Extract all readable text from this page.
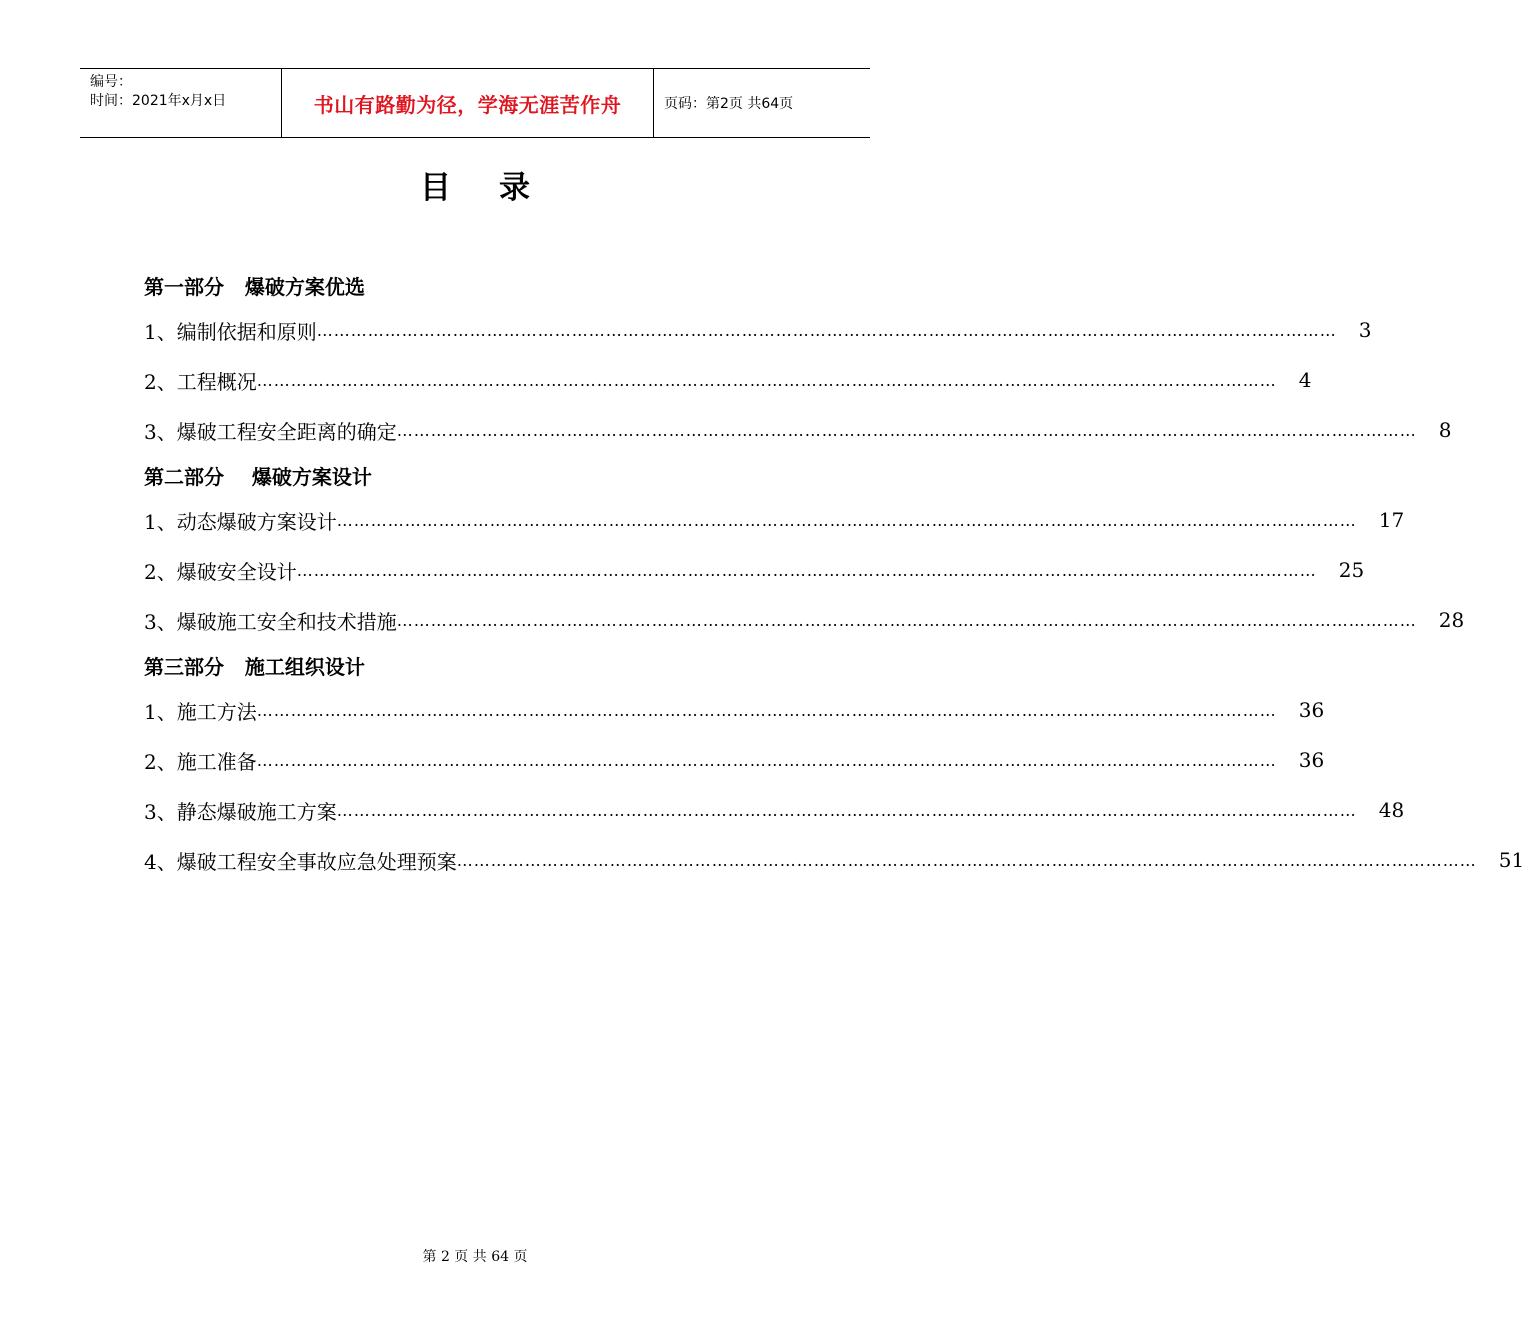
编号：
时间：2021年x月x日	书山有路勤为径，学海无涯苦作舟	页码：第2页 共64页
目录
第一部分   爆破方案优选
1、编制依据和原则 ……………………………………………………………………………………………………………………………………………………………… 3
2、工程概况 ……………………………………………………………………………………………………………………………………………………………… 4
3、爆破工程安全距离的确定 ……………………………………………………………………………………………………………………………………………………………… 8
第二部分    爆破方案设计
1、动态爆破方案设计 ……………………………………………………………………………………………………………………………………………………………… 17
2、爆破安全设计 ……………………………………………………………………………………………………………………………………………………………… 25
3、爆破施工安全和技术措施 ……………………………………………………………………………………………………………………………………………………………… 28
第三部分   施工组织设计
1、施工方法 ……………………………………………………………………………………………………………………………………………………………… 36
2、施工准备 ……………………………………………………………………………………………………………………………………………………………… 36
3、静态爆破施工方案 ……………………………………………………………………………………………………………………………………………………………… 48
4、爆破工程安全事故应急处理预案 ……………………………………………………………………………………………………………………………………………………………… 51
第 2 页 共 64 页
